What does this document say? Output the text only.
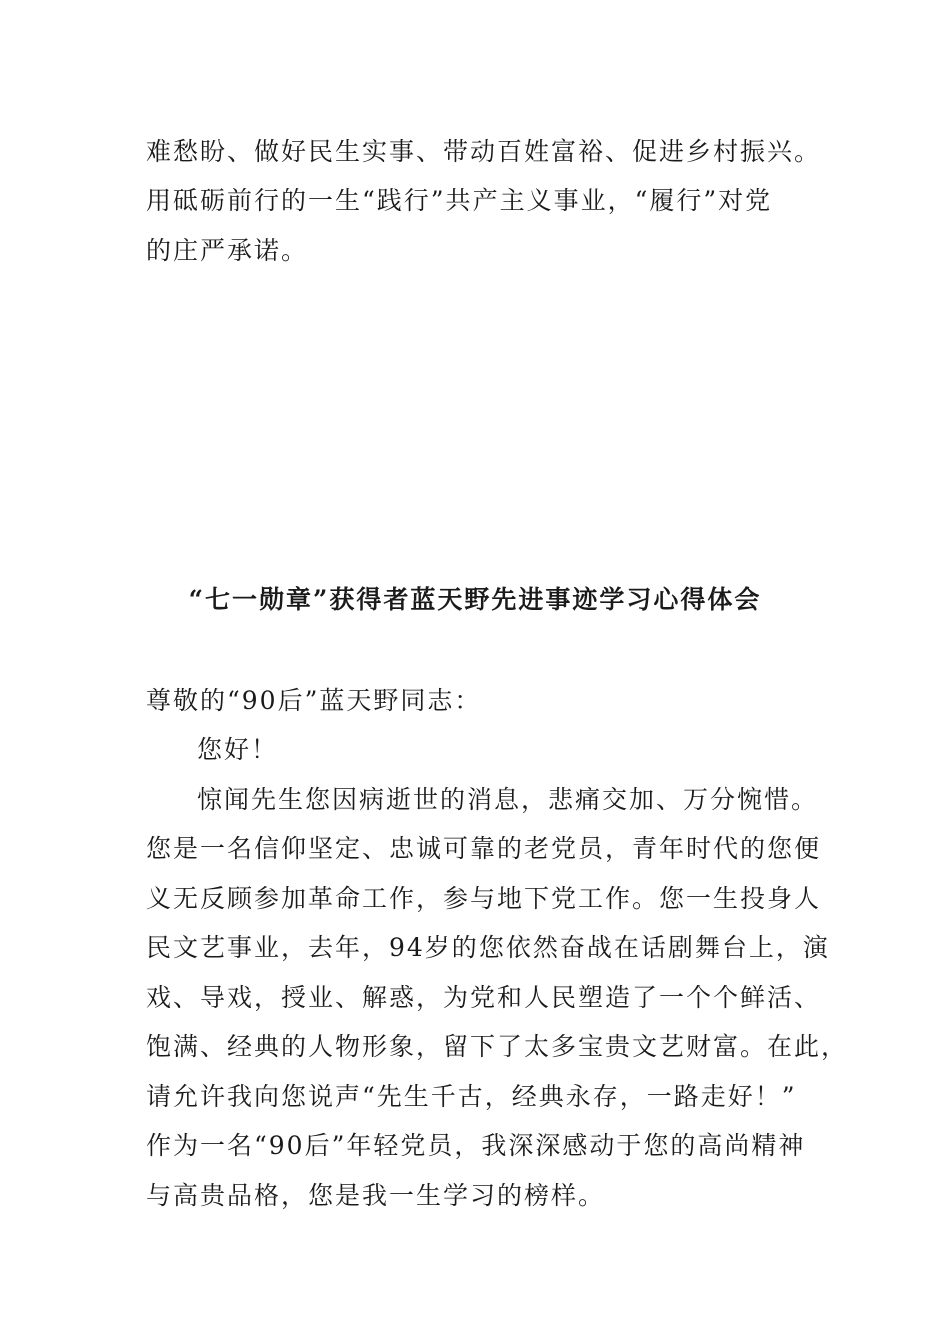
难愁盼、做好民生实事、带动百姓富裕、促进乡村振兴。
用砥砺前行的一生“践行”共产主义事业，“履行”对党
的庄严承诺。
“七一勋章”获得者蓝天野先进事迹学习心得体会
尊敬的“90后”蓝天野同志：
您好！
惊闻先生您因病逝世的消息，悲痛交加、万分惋惜。
您是一名信仰坚定、忠诚可靠的老党员，青年时代的您便
义无反顾参加革命工作，参与地下党工作。您一生投身人
民文艺事业，去年，94岁的您依然奋战在话剧舞台上，演
戏、导戏，授业、解惑，为党和人民塑造了一个个鲜活、
饱满、经典的人物形象，留下了太多宝贵文艺财富。在此，
请允许我向您说声“先生千古，经典永存，一路走好！”
作为一名“90后”年轻党员，我深深感动于您的高尚精神
与高贵品格，您是我一生学习的榜样。
